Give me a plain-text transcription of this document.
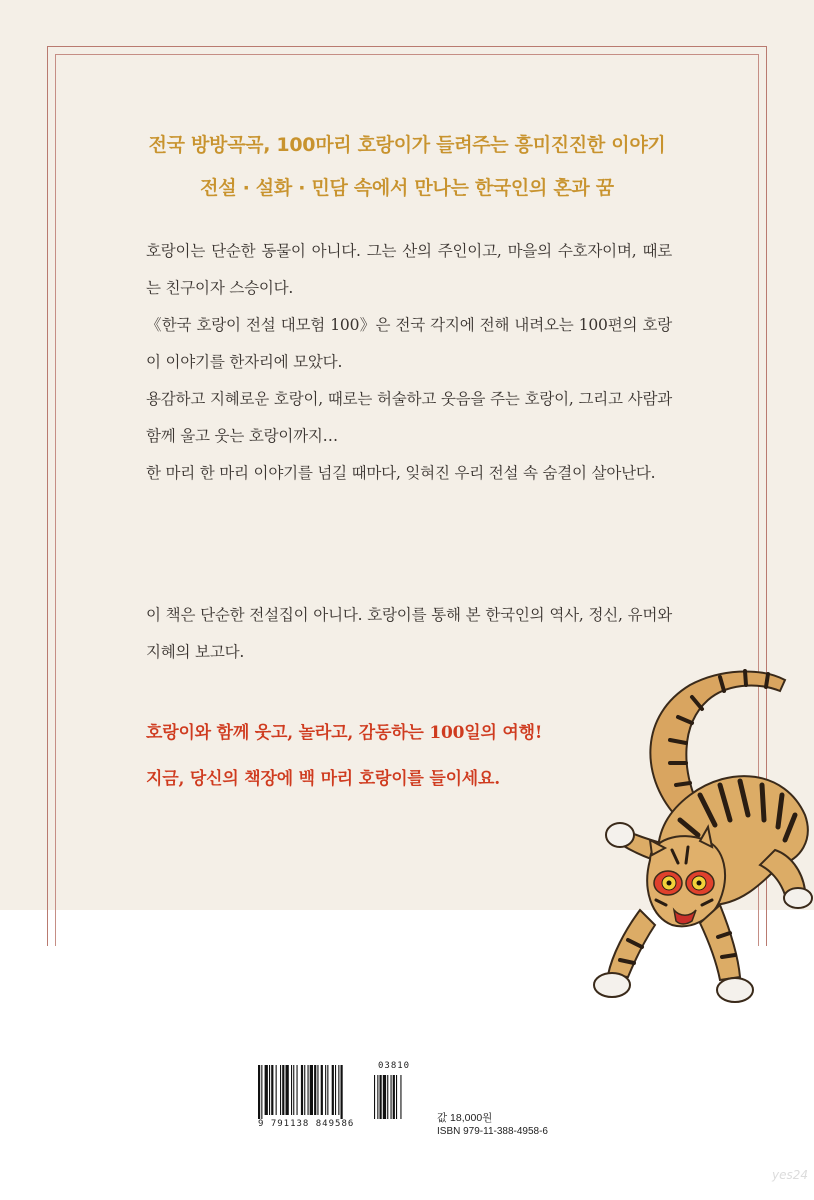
전국 방방곡곡, 100마리 호랑이가 들려주는 흥미진진한 이야기
전설 · 설화 · 민담 속에서 만나는 한국인의 혼과 꿈

호랑이는 단순한 동물이 아니다. 그는 산의 주인이고, 마을의 수호자이며, 때로는 친구이자 스승이다.

《한국 호랑이 전설 대모험 100》은 전국 각지에 전해 내려오는 100편의 호랑이 이야기를 한자리에 모았다.

용감하고 지혜로운 호랑이, 때로는 허술하고 웃음을 주는 호랑이, 그리고 사람과 함께 울고 웃는 호랑이까지…

한 마리 한 마리 이야기를 넘길 때마다, 잊혀진 우리 전설 속 숨결이 살아난다.

이 책은 단순한 전설집이 아니다. 호랑이를 통해 본 한국인의 역사, 정신, 유머와 지혜의 보고다.

호랑이와 함께 웃고, 놀라고, 감동하는 100일의 여행!
지금, 당신의 책장에 백 마리 호랑이를 들이세요.
9 791138 849586
03810
값 18,000원
ISBN 979-11-388-4958-6
yes24
